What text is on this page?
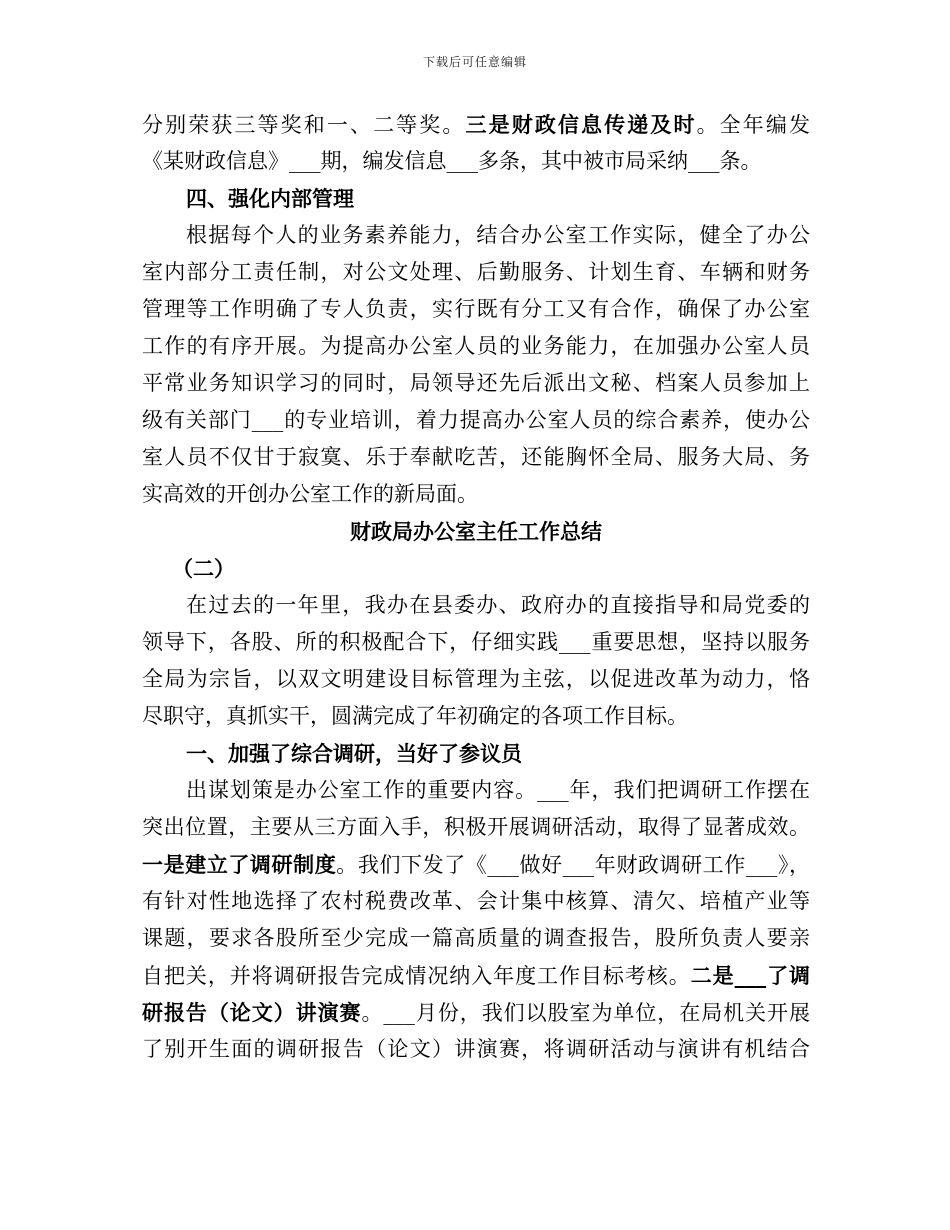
下载后可任意编辑
分别荣获三等奖和一、二等奖。三是财政信息传递及时。全年编发
《某财政信息》___期，编发信息___多条，其中被市局采纳___条。
四、强化内部管理
根据每个人的业务素养能力，结合办公室工作实际，健全了办公
室内部分工责任制，对公文处理、后勤服务、计划生育、车辆和财务
管理等工作明确了专人负责，实行既有分工又有合作，确保了办公室
工作的有序开展。为提高办公室人员的业务能力，在加强办公室人员
平常业务知识学习的同时，局领导还先后派出文秘、档案人员参加上
级有关部门___的专业培训，着力提高办公室人员的综合素养，使办公
室人员不仅甘于寂寞、乐于奉献吃苦，还能胸怀全局、服务大局、务
实高效的开创办公室工作的新局面。
财政局办公室主任工作总结
（二）
在过去的一年里，我办在县委办、政府办的直接指导和局党委的
领导下，各股、所的积极配合下，仔细实践___重要思想，坚持以服务
全局为宗旨，以双文明建设目标管理为主弦，以促进改革为动力，恪
尽职守，真抓实干，圆满完成了年初确定的各项工作目标。
一、加强了综合调研，当好了参议员
出谋划策是办公室工作的重要内容。___年，我们把调研工作摆在
突出位置，主要从三方面入手，积极开展调研活动，取得了显著成效。
一是建立了调研制度。我们下发了《___做好___年财政调研工作___》，
有针对性地选择了农村税费改革、会计集中核算、清欠、培植产业等
课题，要求各股所至少完成一篇高质量的调查报告，股所负责人要亲
自把关，并将调研报告完成情况纳入年度工作目标考核。二是___了调
研报告（论文）讲演赛。___月份，我们以股室为单位，在局机关开展
了别开生面的调研报告（论文）讲演赛，将调研活动与演讲有机结合
